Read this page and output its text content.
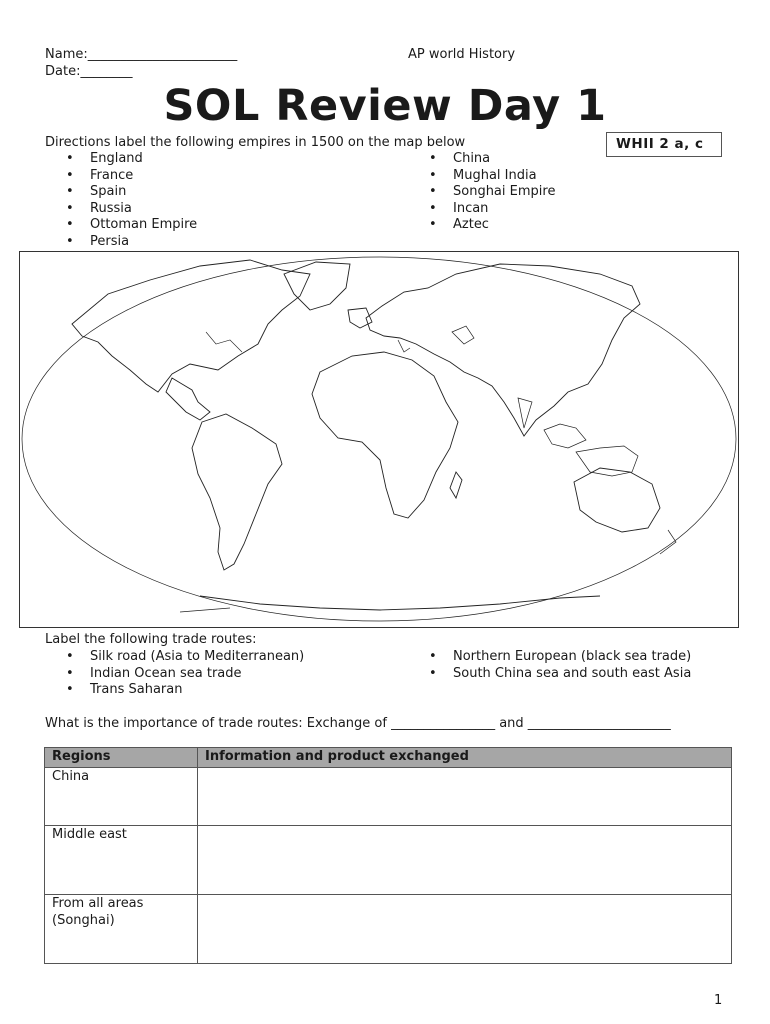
Name:_______________________
Date:________
AP world History
SOL Review Day 1
Directions label the following empires in 1500 on the map below	WHII 2 a, c
• England
• France
• Spain
• Russia
• Ottoman Empire
• Persia
• China
• Mughal India
• Songhai Empire
• Incan
• Aztec
Label the following trade routes:
• Silk road (Asia to Mediterranean)
• Indian Ocean sea trade
• Trans Saharan
• Northern European (black sea trade)
• South China sea and south east Asia
What is the importance of trade routes: Exchange of ________________ and ______________________
Regions	Information and product exchanged
China	
Middle east	
From all areas (Songhai)	
1
